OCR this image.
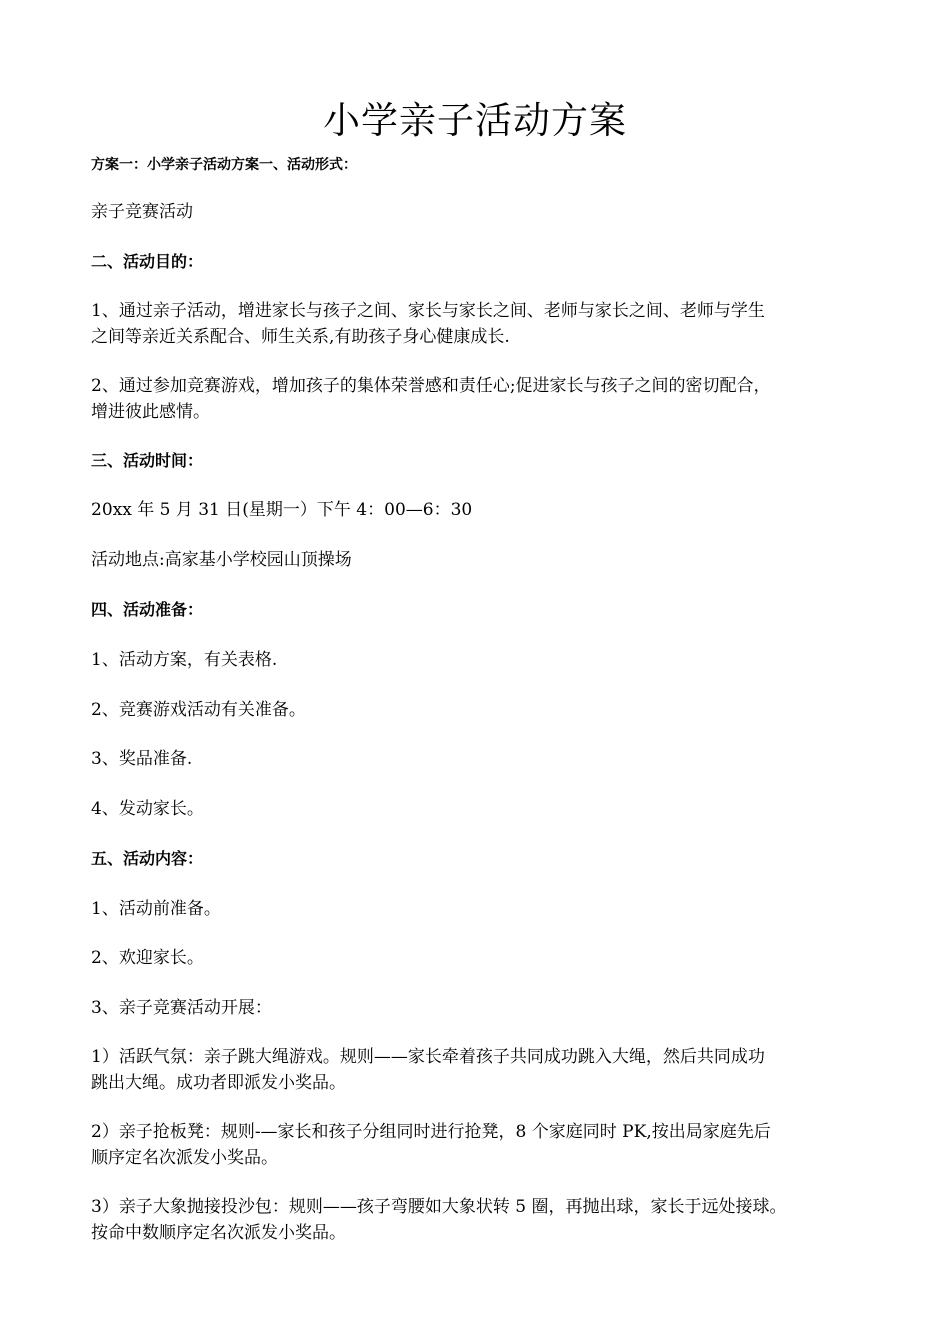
小学亲子活动方案

方案一：小学亲子活动方案一、活动形式：

亲子竞赛活动

二、活动目的：

1、通过亲子活动，增进家长与孩子之间、家长与家长之间、老师与家长之间、老师与学生
之间等亲近关系配合、师生关系,有助孩子身心健康成长.
2、通过参加竞赛游戏，增加孩子的集体荣誉感和责任心;促进家长与孩子之间的密切配合，
增进彼此感情。

三、活动时间：

20xx 年 5 月 31 日(星期一）下午 4：00—6：30

活动地点:高家基小学校园山顶操场

四、活动准备：

1、活动方案，有关表格.

2、竞赛游戏活动有关准备。

3、奖品准备.

4、发动家长。

五、活动内容：

1、活动前准备。

2、欢迎家长。

3、亲子竞赛活动开展：

1）活跃气氛：亲子跳大绳游戏。规则——家长牵着孩子共同成功跳入大绳，然后共同成功
跳出大绳。成功者即派发小奖品。
2）亲子抢板凳：规则-—家长和孩子分组同时进行抢凳，8 个家庭同时 PK,按出局家庭先后
顺序定名次派发小奖品。
3）亲子大象抛接投沙包：规则——孩子弯腰如大象状转 5 圈，再抛出球，家长于远处接球。
按命中数顺序定名次派发小奖品。
